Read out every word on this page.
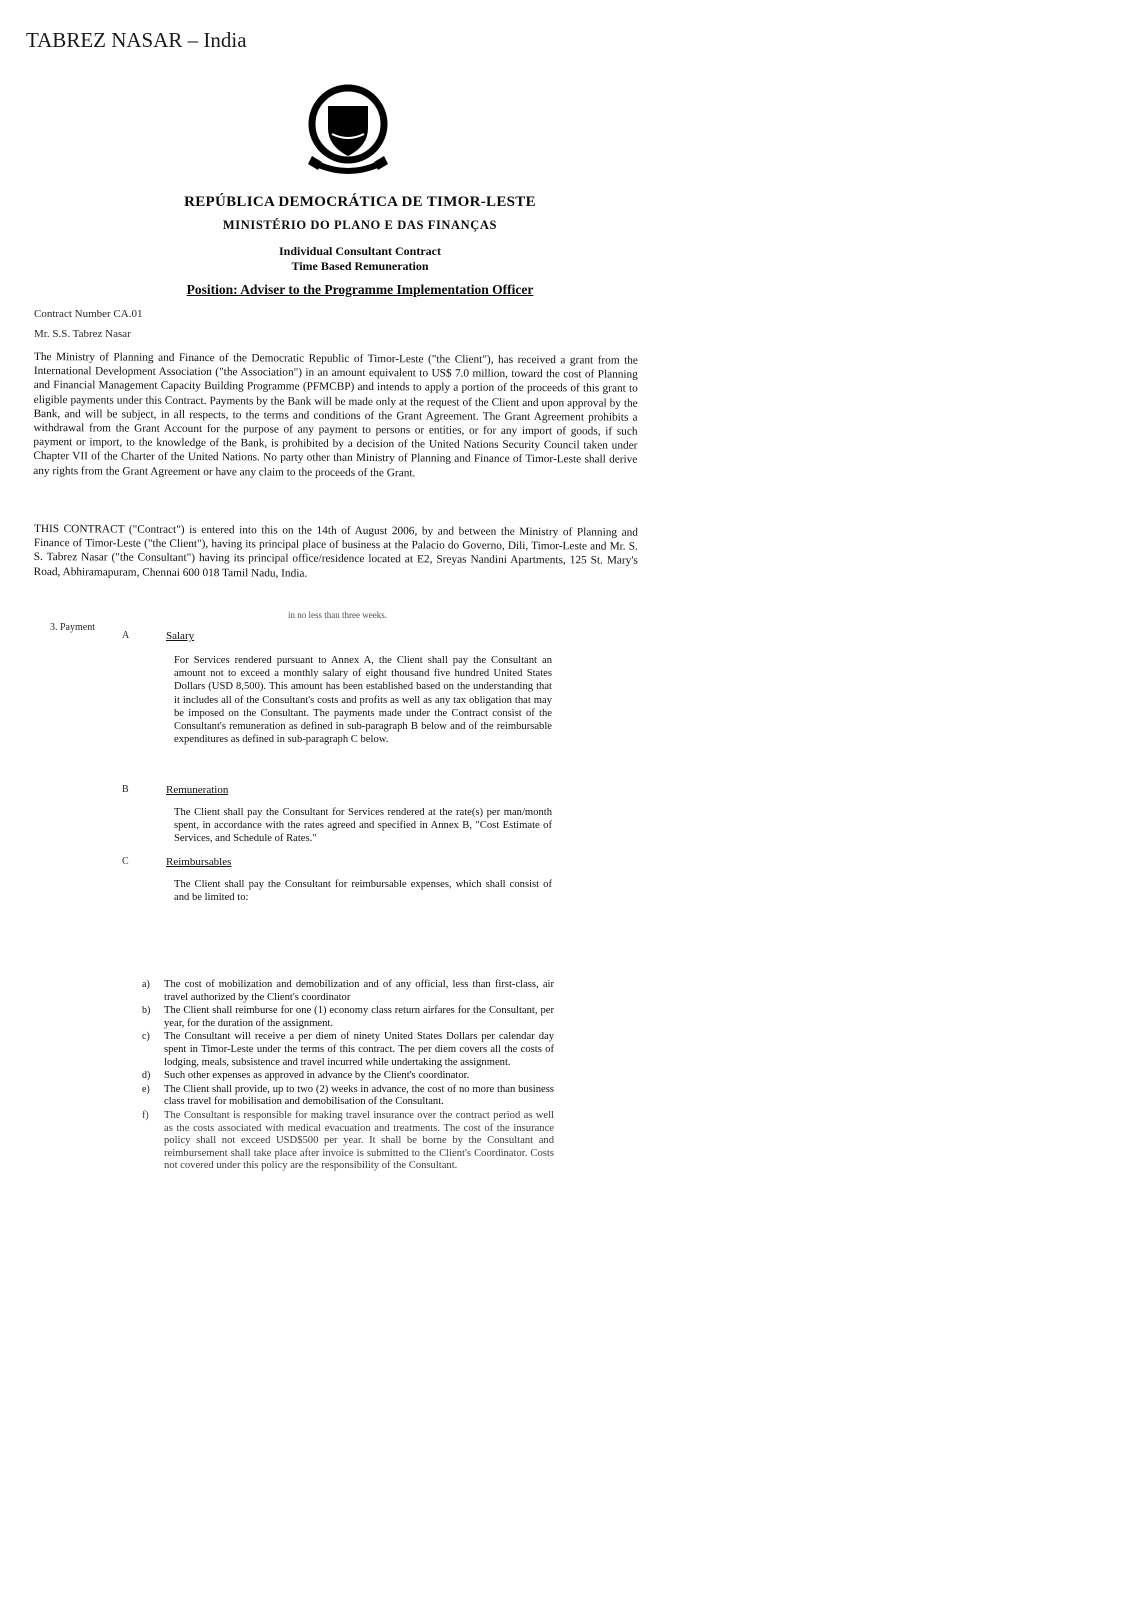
TABREZ NASAR – India
REPÚBLICA DEMOCRÁTICA DE TIMOR-LESTE
MINISTÉRIO DO PLANO E DAS FINANÇAS
Individual Consultant Contract
Time Based Remuneration
Position: Adviser to the Programme Implementation Officer
Contract Number CA.01
Mr. S.S. Tabrez Nasar
The Ministry of Planning and Finance of the Democratic Republic of Timor-Leste ("the Client"), has received a grant from the International Development Association ("the Association") in an amount equivalent to US$ 7.0 million, toward the cost of Planning and Financial Management Capacity Building Programme (PFMCBP) and intends to apply a portion of the proceeds of this grant to eligible payments under this Contract. Payments by the Bank will be made only at the request of the Client and upon approval by the Bank, and will be subject, in all respects, to the terms and conditions of the Grant Agreement. The Grant Agreement prohibits a withdrawal from the Grant Account for the purpose of any payment to persons or entities, or for any import of goods, if such payment or import, to the knowledge of the Bank, is prohibited by a decision of the United Nations Security Council taken under Chapter VII of the Charter of the United Nations. No party other than Ministry of Planning and Finance of Timor-Leste shall derive any rights from the Grant Agreement or have any claim to the proceeds of the Grant.
THIS CONTRACT ("Contract") is entered into this on the 14th of August 2006, by and between the Ministry of Planning and Finance of Timor-Leste ("the Client"), having its principal place of business at the Palacio do Governo, Dili, Timor-Leste and Mr. S. S. Tabrez Nasar ("the Consultant") having its principal office/residence located at E2, Sreyas Nandini Apartments, 125 St. Mary's Road, Abhiramapuram, Chennai 600 018 Tamil Nadu, India.
in no less than three weeks.
3. Payment
A	Salary
For Services rendered pursuant to Annex A, the Client shall pay the Consultant an amount not to exceed a monthly salary of eight thousand five hundred United States Dollars (USD 8,500). This amount has been established based on the understanding that it includes all of the Consultant's costs and profits as well as any tax obligation that may be imposed on the Consultant. The payments made under the Contract consist of the Consultant's remuneration as defined in sub-paragraph B below and of the reimbursable expenditures as defined in sub-paragraph C below.
B	Remuneration
The Client shall pay the Consultant for Services rendered at the rate(s) per man/month spent, in accordance with the rates agreed and specified in Annex B, "Cost Estimate of Services, and Schedule of Rates."
C	Reimbursables
The Client shall pay the Consultant for reimbursable expenses, which shall consist of and be limited to:
a) The cost of mobilization and demobilization and of any official, less than first-class, air travel authorized by the Client's coordinator
b) The Client shall reimburse for one (1) economy class return airfares for the Consultant, per year, for the duration of the assignment.
c) The Consultant will receive a per diem of ninety United States Dollars per calendar day spent in Timor-Leste under the terms of this contract. The per diem covers all the costs of lodging, meals, subsistence and travel incurred while undertaking the assignment.
d) Such other expenses as approved in advance by the Client's coordinator.
e) The Client shall provide, up to two (2) weeks in advance, the cost of no more than business class travel for mobilisation and demobilisation of the Consultant.
f) The Consultant is responsible for making travel insurance over the contract period as well as the costs associated with medical evacuation and treatments. The cost of the insurance policy shall not exceed USD$500 per year. It shall be borne by the Consultant and reimbursement shall take place after invoice is submitted to the Client's Coordinator. Costs not covered under this policy are the responsibility of the Consultant.
